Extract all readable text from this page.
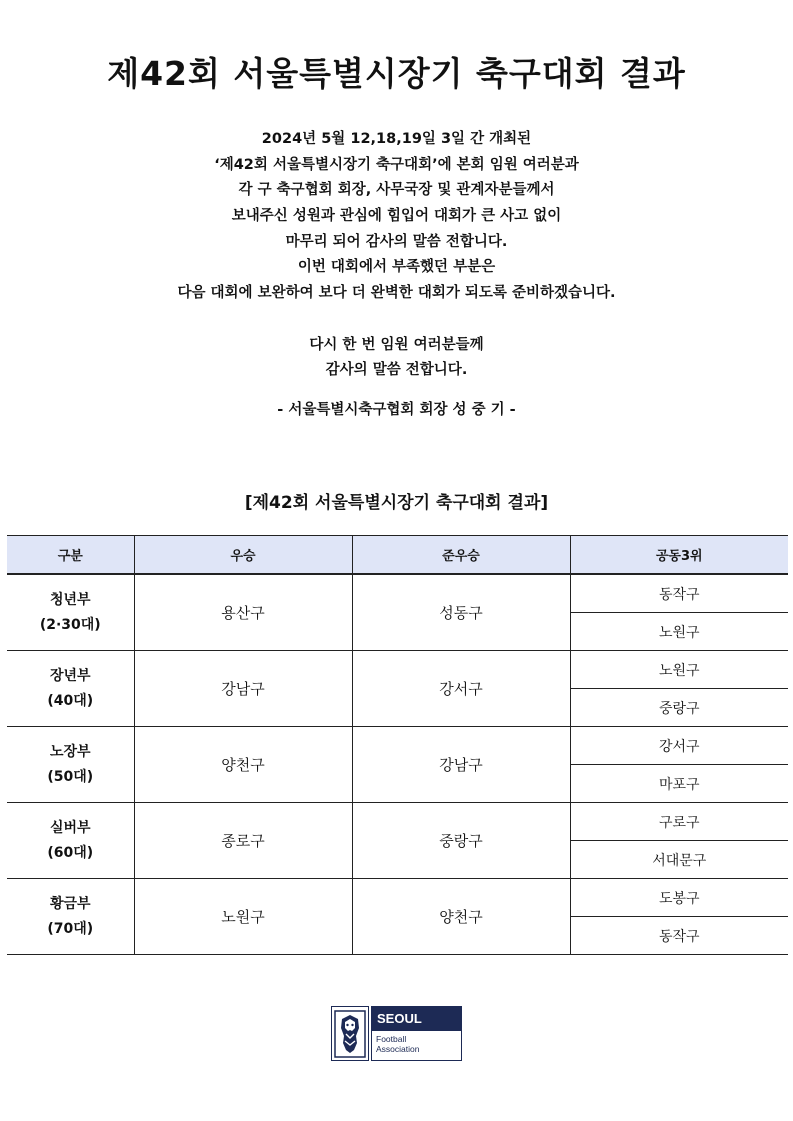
제42회 서울특별시장기 축구대회 결과
2024년 5월 12,18,19일 3일 간 개최된
‘제42회 서울특별시장기 축구대회’에 본회 임원 여러분과
각 구 축구협회 회장, 사무국장 및 관계자분들께서
보내주신 성원과 관심에 힘입어 대회가 큰 사고 없이
마무리 되어 감사의 말씀 전합니다.
이번 대회에서 부족했던 부분은
다음 대회에 보완하여 보다 더 완벽한 대회가 되도록 준비하겠습니다.
다시 한 번 임원 여러분들께
감사의 말씀 전합니다.
- 서울특별시축구협회 회장 성 중 기 -
[제42회 서울특별시장기 축구대회 결과]
구분	우승	준우승	공동3위

청년부
(2·30대)	용산구	성동구	동작구
			노원구

장년부
(40대)	강남구	강서구	노원구
			중랑구

노장부
(50대)	양천구	강남구	강서구
			마포구

실버부
(60대)	종로구	중랑구	구로구
			서대문구

황금부
(70대)	노원구	양천구	도봉구
			동작구
SEOUL
Football
Association
